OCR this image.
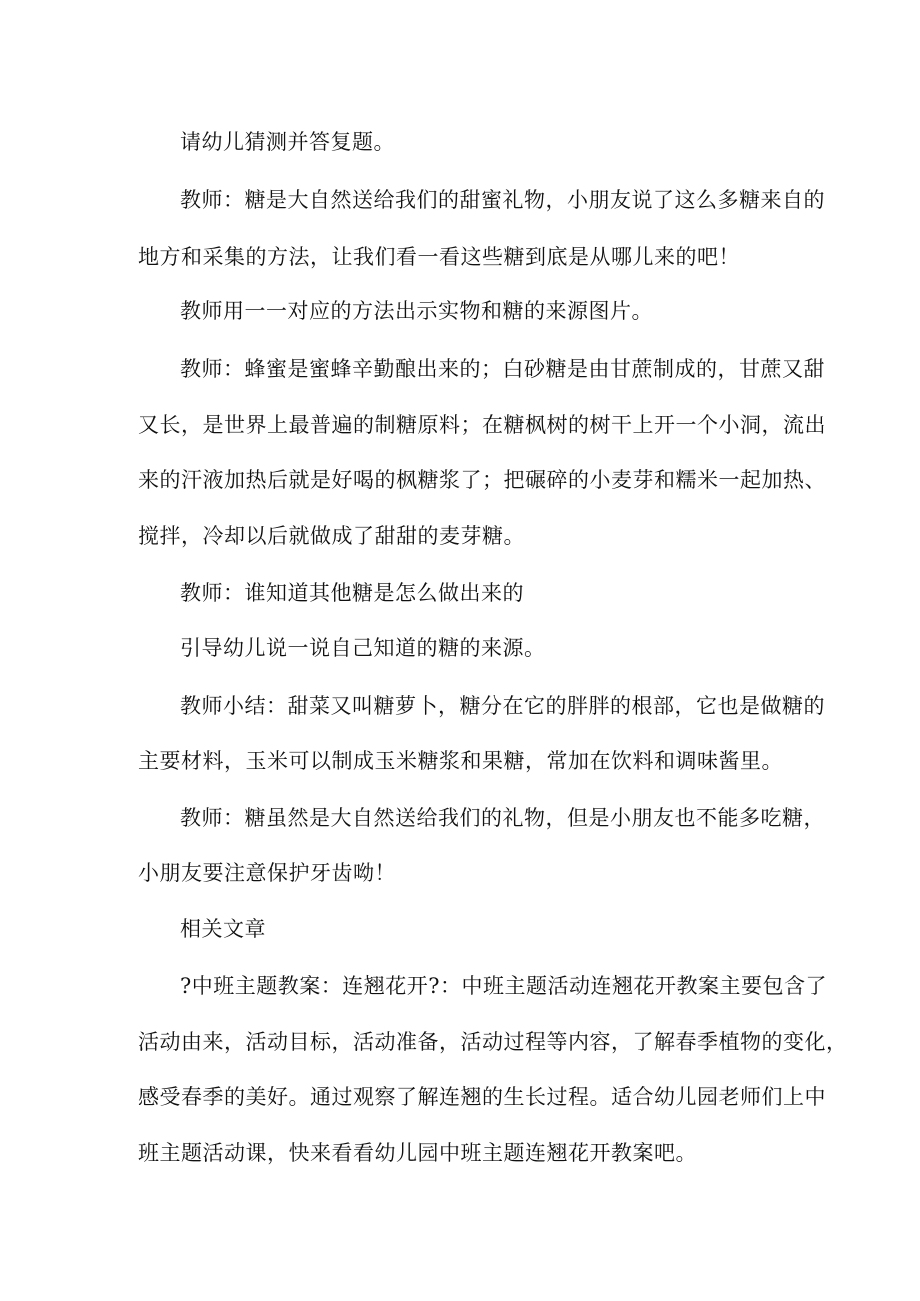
请幼儿猜测并答复题。
教师：糖是大自然送给我们的甜蜜礼物，小朋友说了这么多糖来自的
地方和采集的方法，让我们看一看这些糖到底是从哪儿来的吧！
教师用一一对应的方法出示实物和糖的来源图片。
教师：蜂蜜是蜜蜂辛勤酿出来的；白砂糖是由甘蔗制成的，甘蔗又甜
又长，是世界上最普遍的制糖原料；在糖枫树的树干上开一个小洞，流出
来的汗液加热后就是好喝的枫糖浆了；把碾碎的小麦芽和糯米一起加热、
搅拌，冷却以后就做成了甜甜的麦芽糖。
教师：谁知道其他糖是怎么做出来的
引导幼儿说一说自己知道的糖的来源。
教师小结：甜菜又叫糖萝卜，糖分在它的胖胖的根部，它也是做糖的
主要材料，玉米可以制成玉米糖浆和果糖，常加在饮料和调味酱里。
教师：糖虽然是大自然送给我们的礼物，但是小朋友也不能多吃糖，
小朋友要注意保护牙齿呦！
相关文章
?中班主题教案：连翘花开?：中班主题活动连翘花开教案主要包含了
活动由来，活动目标，活动准备，活动过程等内容，了解春季植物的变化，
感受春季的美好。通过观察了解连翘的生长过程。适合幼儿园老师们上中
班主题活动课，快来看看幼儿园中班主题连翘花开教案吧。
